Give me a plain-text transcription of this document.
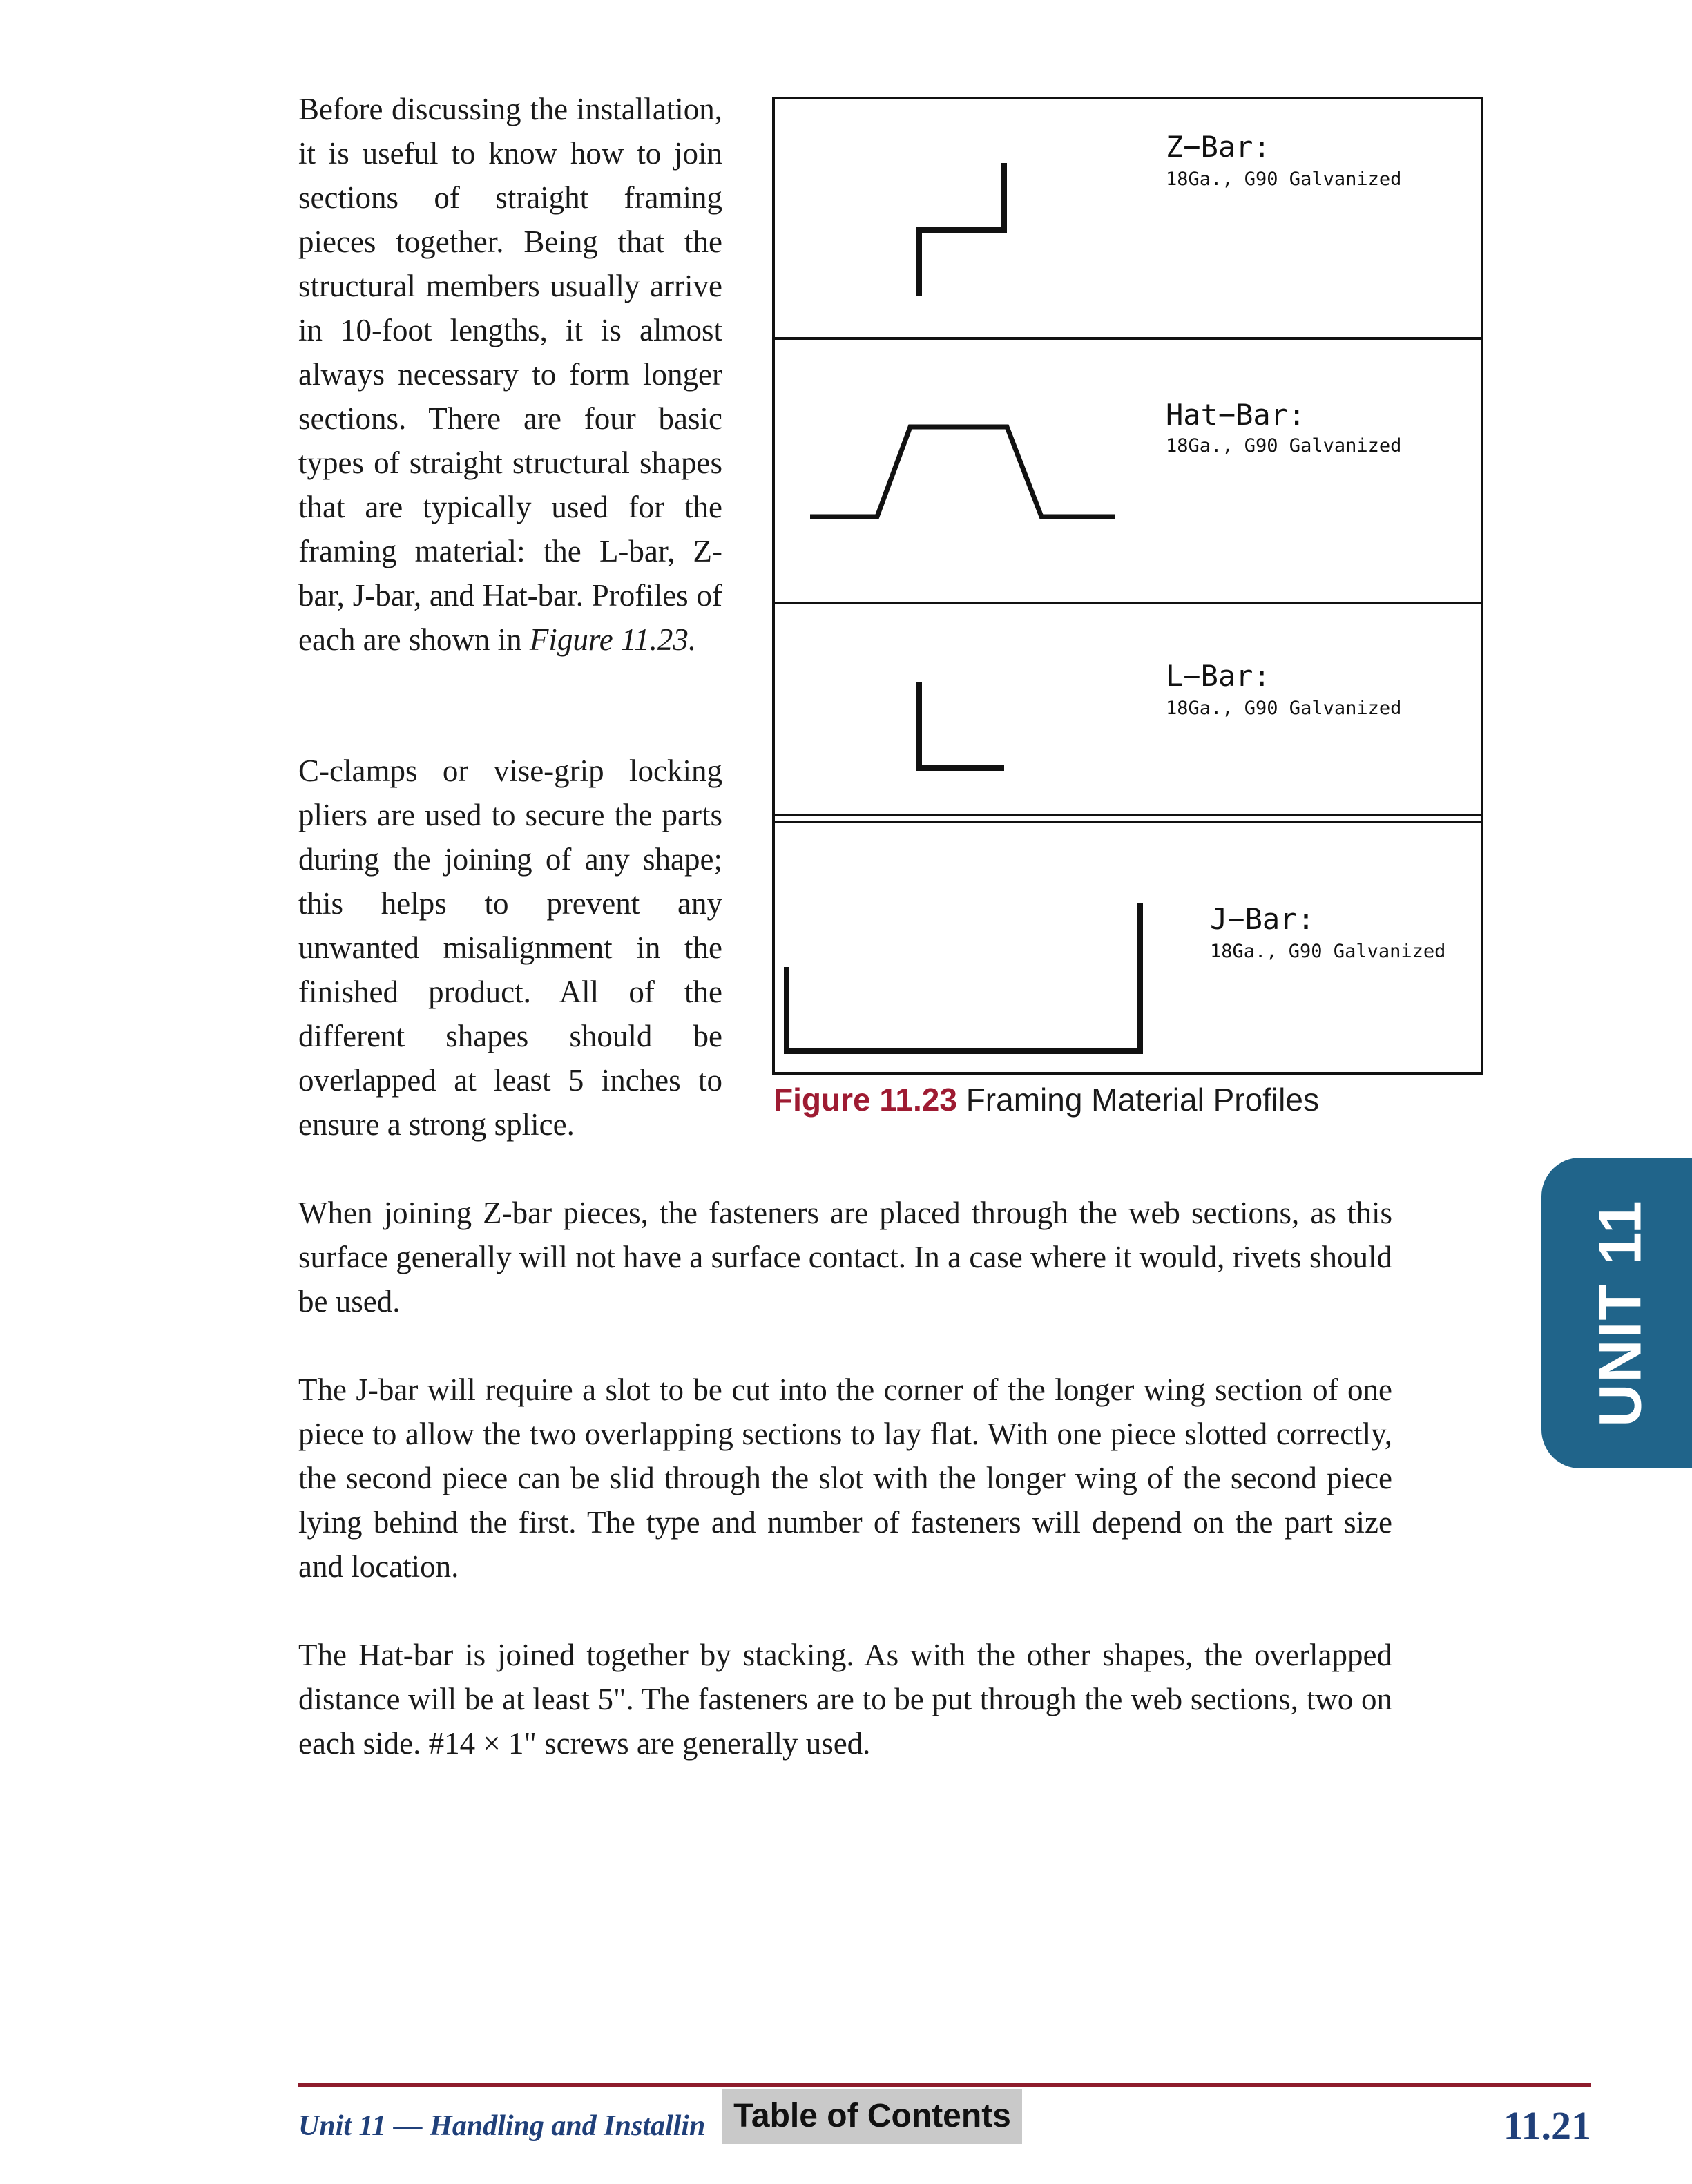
Before discussing the installation, it is useful to know how to join sections of straight framing pieces together. Being that the structural members usually arrive in 10-foot lengths, it is almost always necessary to form longer sections. There are four basic types of straight structural shapes that are typically used for the framing material: the L-bar, Z-bar, J-bar, and Hat-bar. Profiles of each are shown in Figure 11.23.

C-clamps or vise-grip locking pliers are used to secure the parts during the joining of any shape; this helps to prevent any unwanted misalignment in the finished product. All of the different shapes should be overlapped at least 5 inches to ensure a strong splice.

Z−Bar:
18Ga., G90 Galvanized
Hat−Bar:
18Ga., G90 Galvanized
L−Bar:
18Ga., G90 Galvanized
J−Bar:
18Ga., G90 Galvanized
Figure 11.23 Framing Material Profiles

When joining Z-bar pieces, the fasteners are placed through the web sections, as this surface generally will not have a surface contact. In a case where it would, rivets should be used.

The J-bar will require a slot to be cut into the corner of the longer wing section of one piece to allow the two overlapping sections to lay flat. With one piece slotted correctly, the second piece can be slid through the slot with the longer wing of the second piece lying behind the first. The type and number of fasteners will depend on the part size and location.

The Hat-bar is joined together by stacking. As with the other shapes, the overlapped distance will be at least 5". The fasteners are to be put through the web sections, two on each side. #14 × 1" screws are generally used.

UNIT 11
Unit 11 — Handling and Installin Table of Contents	11.21
